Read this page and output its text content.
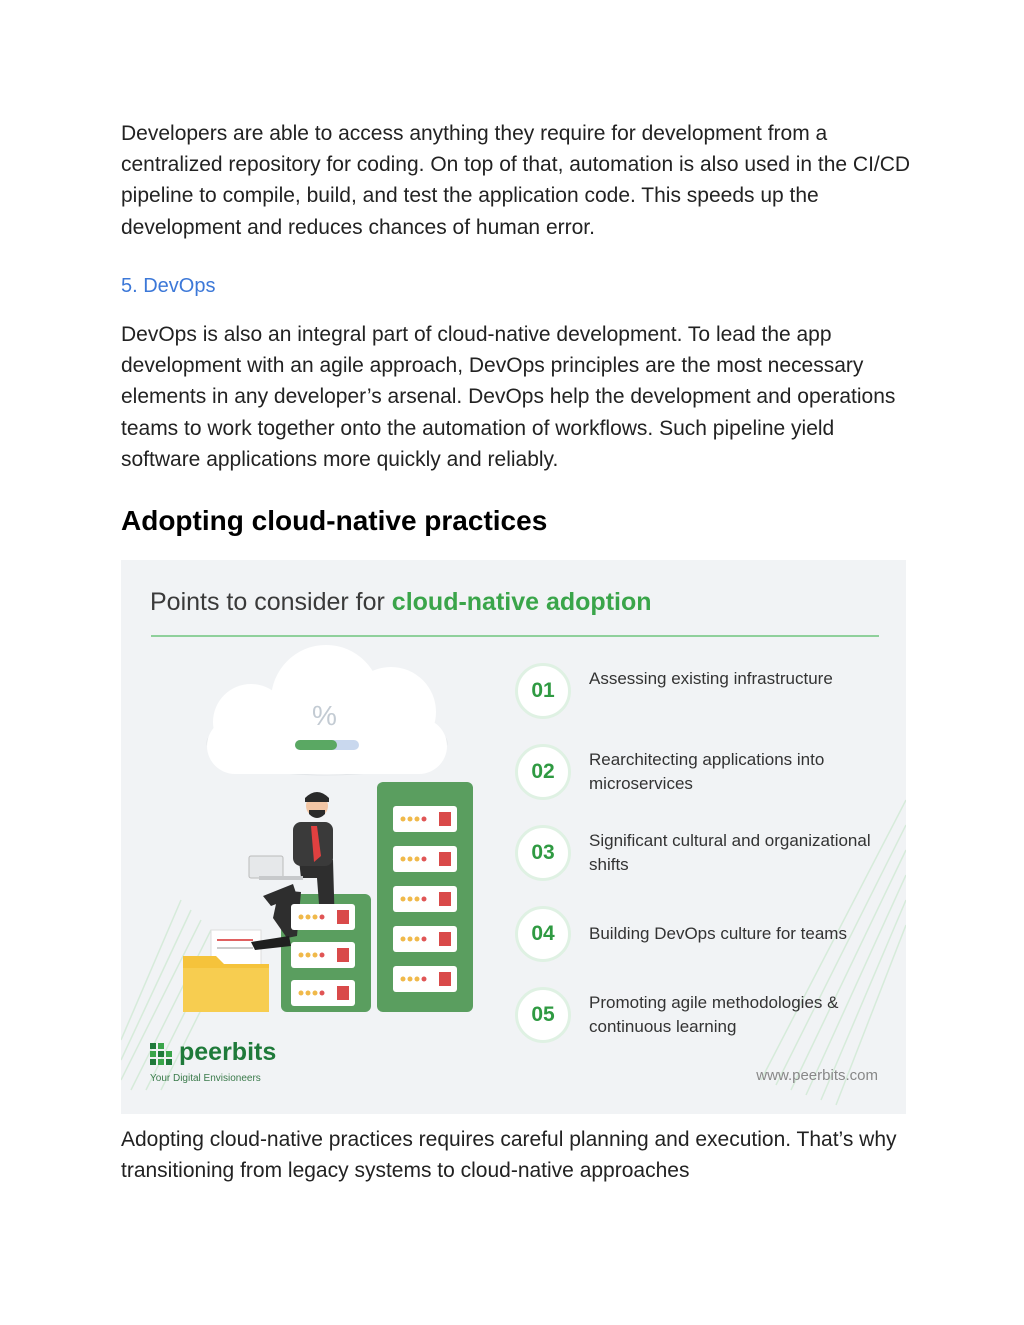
Developers are able to access anything they require for development from a centralized repository for coding. On top of that, automation is also used in the CI/CD pipeline to compile, build, and test the application code. This speeds up the development and reduces chances of human error.

5. DevOps

DevOps is also an integral part of cloud-native development. To lead the app development with an agile approach, DevOps principles are the most necessary elements in any developer’s arsenal. DevOps help the development and operations teams to work together onto the automation of workflows. Such pipeline yield software applications more quickly and reliably.

Adopting cloud-native practices
Points to consider for cloud-native adoption
01
Assessing existing infrastructure
02
Rearchitecting applications into microservices
03
Significant cultural and organizational shifts
04	Building DevOps culture for teams
05
Promoting agile methodologies & continuous learning
%
peerbits
Your Digital Envisioneers	www.peerbits.com

Adopting cloud-native practices requires careful planning and execution. That’s why transitioning from legacy systems to cloud-native approaches
